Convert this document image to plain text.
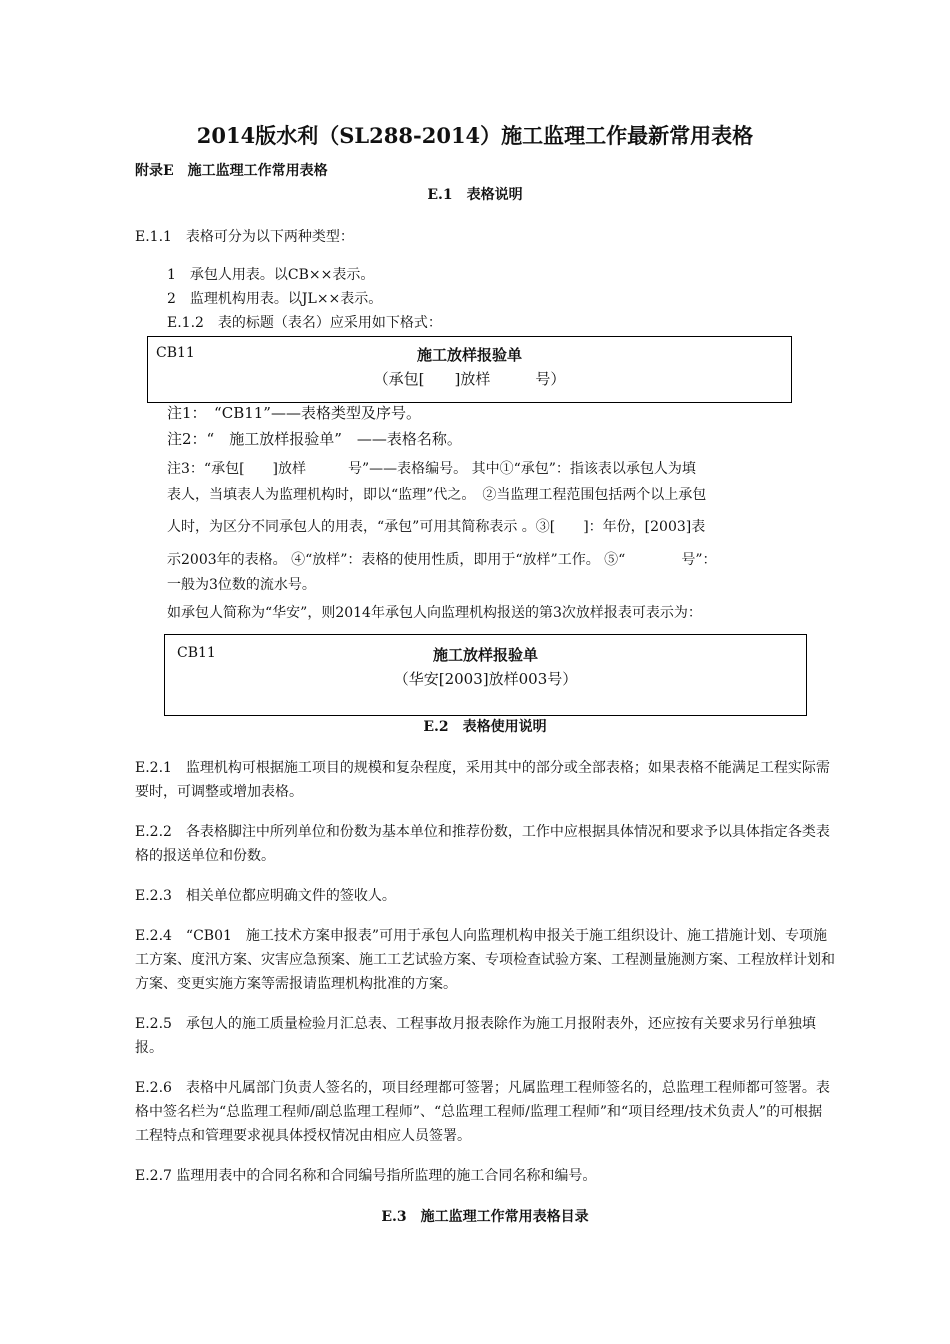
2014版水利（SL288-2014）施工监理工作最新常用表格
附录E　施工监理工作常用表格
E.1　表格说明
E.1.1　表格可分为以下两种类型：
1　承包人用表。以CB××表示。
2　监理机构用表。以JL××表示。
E.1.2　表的标题（表名）应采用如下格式：
CB11	施工放样报验单
（承包[　　]放样　　　号）
注1：　“CB11”——表格类型及序号。
注2：“　施工放样报验单”　——表格名称。
注3：“承包[　　]放样　　　号”——表格编号。 其中①“承包”：指该表以承包人为填
表人，当填表人为监理机构时，即以“监理”代之。　②当监理工程范围包括两个以上承包
人时，为区分不同承包人的用表，“承包”可用其简称表示 。③[　　]：年份，[2003]表
示2003年的表格。 ④“放样”：表格的使用性质，即用于“放样”工作。 ⑤“　　　　号”：
一般为3位数的流水号。
如承包人简称为“华安”，则2014年承包人向监理机构报送的第3次放样报表可表示为：
CB11	施工放样报验单
（华安[2003]放样003号）
E.2　表格使用说明
E.2.1　监理机构可根据施工项目的规模和复杂程度，采用其中的部分或全部表格；如果表格不能满足工程实际需要时，可调整或增加表格。
E.2.2　各表格脚注中所列单位和份数为基本单位和推荐份数，工作中应根据具体情况和要求予以具体指定各类表格的报送单位和份数。
E.2.3　相关单位都应明确文件的签收人。
E.2.4　“CB01　施工技术方案申报表”可用于承包人向监理机构申报关于施工组织设计、施工措施计划、专项施工方案、度汛方案、灾害应急预案、施工工艺试验方案、专项检查试验方案、工程测量施测方案、工程放样计划和方案、变更实施方案等需报请监理机构批准的方案。
E.2.5　承包人的施工质量检验月汇总表、工程事故月报表除作为施工月报附表外，还应按有关要求另行单独填报。
E.2.6　表格中凡属部门负责人签名的，项目经理都可签署；凡属监理工程师签名的，总监理工程师都可签署。表格中签名栏为“总监理工程师/副总监理工程师”、“总监理工程师/监理工程师”和“项目经理/技术负责人”的可根据工程特点和管理要求视具体授权情况由相应人员签署。
E.2.7 监理用表中的合同名称和合同编号指所监理的施工合同名称和编号。
E.3　施工监理工作常用表格目录
